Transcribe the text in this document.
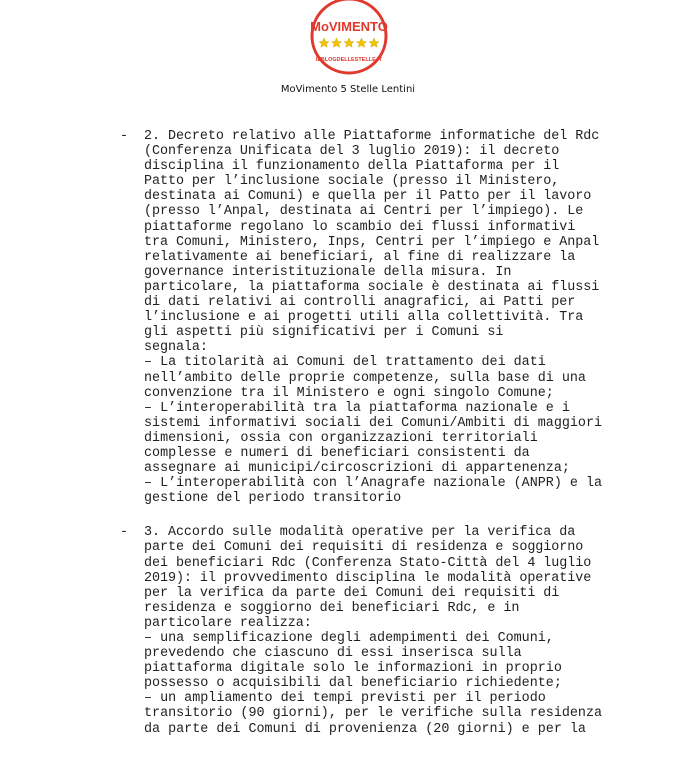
MoVIMENTO
ILBLOGDELLESTELLE.IT
MoVimento 5 Stelle Lentini
- 2. Decreto relativo alle Piattaforme informatiche del Rdc
(Conferenza Unificata del 3 luglio 2019): il decreto
disciplina il funzionamento della Piattaforma per il
Patto per l’inclusione sociale (presso il Ministero,
destinata ai Comuni) e quella per il Patto per il lavoro
(presso l’Anpal, destinata ai Centri per l’impiego). Le
piattaforme regolano lo scambio dei flussi informativi
tra Comuni, Ministero, Inps, Centri per l’impiego e Anpal
relativamente ai beneficiari, al fine di realizzare la
governance interistituzionale della misura. In
particolare, la piattaforma sociale è destinata ai flussi
di dati relativi ai controlli anagrafici, ai Patti per
l’inclusione e ai progetti utili alla collettività. Tra
gli aspetti più significativi per i Comuni si
segnala:
– La titolarità ai Comuni del trattamento dei dati
nell’ambito delle proprie competenze, sulla base di una
convenzione tra il Ministero e ogni singolo Comune;
– L’interoperabilità tra la piattaforma nazionale e i
sistemi informativi sociali dei Comuni/Ambiti di maggiori
dimensioni, ossia con organizzazioni territoriali
complesse e numeri di beneficiari consistenti da
assegnare ai municipi/circoscrizioni di appartenenza;
– L’interoperabilità con l’Anagrafe nazionale (ANPR) e la
gestione del periodo transitorio
- 3. Accordo sulle modalità operative per la verifica da
parte dei Comuni dei requisiti di residenza e soggiorno
dei beneficiari Rdc (Conferenza Stato-Città del 4 luglio
2019): il provvedimento disciplina le modalità operative
per la verifica da parte dei Comuni dei requisiti di
residenza e soggiorno dei beneficiari Rdc, e in
particolare realizza:
– una semplificazione degli adempimenti dei Comuni,
prevedendo che ciascuno di essi inserisca sulla
piattaforma digitale solo le informazioni in proprio
possesso o acquisibili dal beneficiario richiedente;
– un ampliamento dei tempi previsti per il periodo
transitorio (90 giorni), per le verifiche sulla residenza
da parte dei Comuni di provenienza (20 giorni) e per la
